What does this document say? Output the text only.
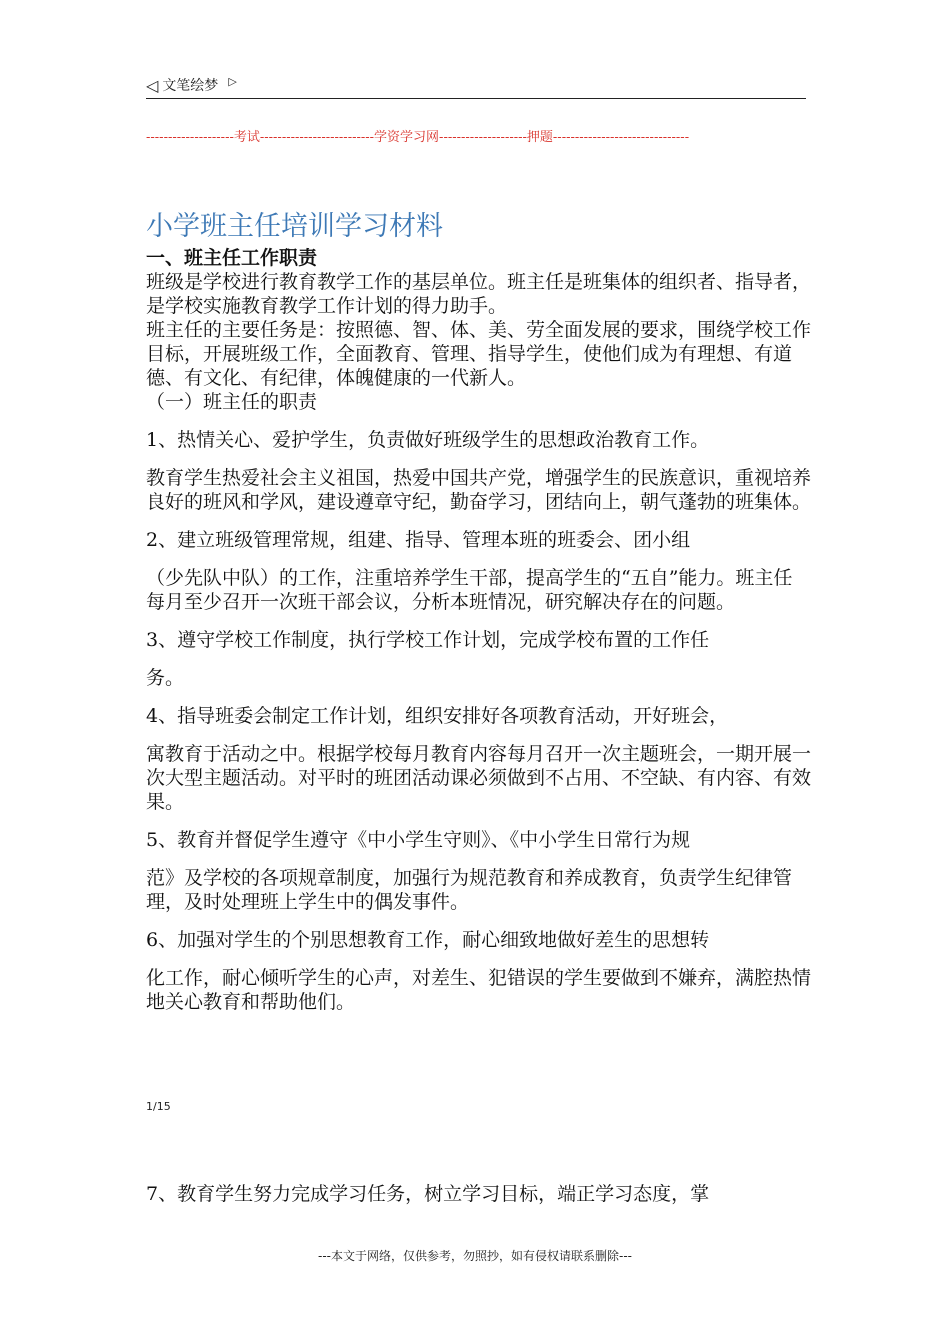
◁ 文笔绘梦 ▷
--------------------考试--------------------------学资学习网--------------------押题-------------------------------
小学班主任培训学习材料
一、班主任工作职责

班级是学校进行教育教学工作的基层单位。班主任是班集体的组织者、指导者，是学校实施教育教学工作计划的得力助手。

班主任的主要任务是：按照德、智、体、美、劳全面发展的要求，围绕学校工作目标，开展班级工作，全面教育、管理、指导学生，使他们成为有理想、有道德、有文化、有纪律，体魄健康的一代新人。

（一）班主任的职责

1、热情关心、爱护学生，负责做好班级学生的思想政治教育工作。

教育学生热爱社会主义祖国，热爱中国共产党，增强学生的民族意识，重视培养良好的班风和学风，建设遵章守纪，勤奋学习，团结向上，朝气蓬勃的班集体。

2、建立班级管理常规，组建、指导、管理本班的班委会、团小组

（少先队中队）的工作，注重培养学生干部，提高学生的“五自”能力。班主任每月至少召开一次班干部会议，分析本班情况，研究解决存在的问题。

3、遵守学校工作制度，执行学校工作计划，完成学校布置的工作任

务。

4、指导班委会制定工作计划，组织安排好各项教育活动，开好班会，

寓教育于活动之中。根据学校每月教育内容每月召开一次主题班会，一期开展一次大型主题活动。对平时的班团活动课必须做到不占用、不空缺、有内容、有效果。

5、教育并督促学生遵守《中小学生守则》、《中小学生日常行为规

范》及学校的各项规章制度，加强行为规范教育和养成教育，负责学生纪律管理，及时处理班上学生中的偶发事件。

6、加强对学生的个别思想教育工作，耐心细致地做好差生的思想转

化工作，耐心倾听学生的心声，对差生、犯错误的学生要做到不嫌弃，满腔热情地关心教育和帮助他们。

1/15
7、教育学生努力完成学习任务，树立学习目标，端正学习态度，掌
---本文于网络，仅供参考，勿照抄，如有侵权请联系删除---
